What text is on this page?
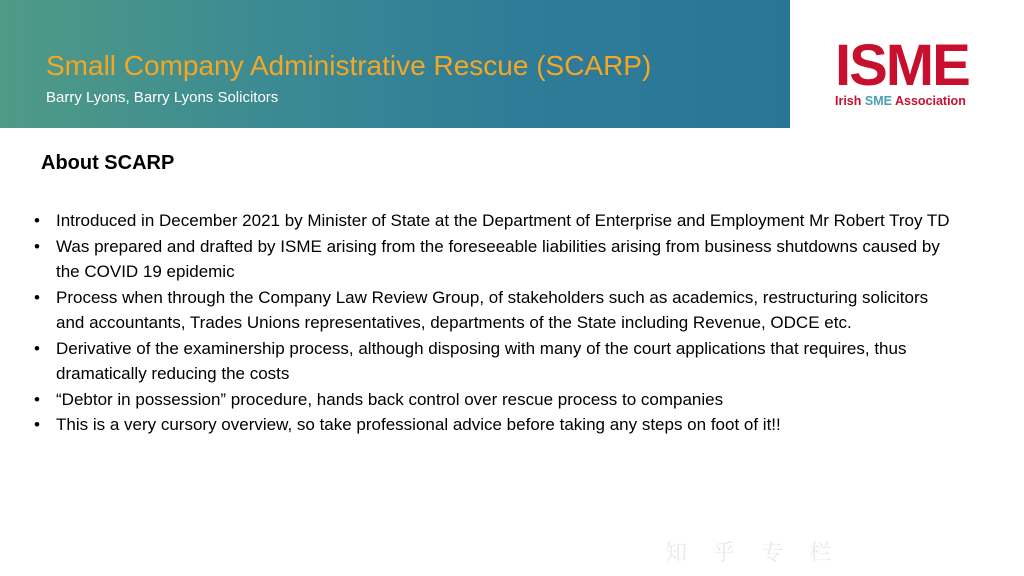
Small Company Administrative Rescue (SCARP)

Barry Lyons, Barry Lyons Solicitors	ISME
Irish SME Association
About SCARP
• Introduced in December 2021 by Minister of State at the Department of Enterprise and Employment Mr Robert Troy TD
• Was prepared and drafted by ISME arising from the foreseeable liabilities arising from business shutdowns caused by the COVID 19 epidemic
• Process when through the Company Law Review Group, of stakeholders such as academics, restructuring solicitors and accountants, Trades Unions representatives, departments of the State including Revenue, ODCE etc.
• Derivative of the examinership process, although disposing with many of the court applications that requires, thus dramatically reducing the costs
• “Debtor in possession” procedure, hands back control over rescue process to companies
• This is a very cursory overview, so take professional advice before taking any steps on foot of it!!
知 乎 专 栏
